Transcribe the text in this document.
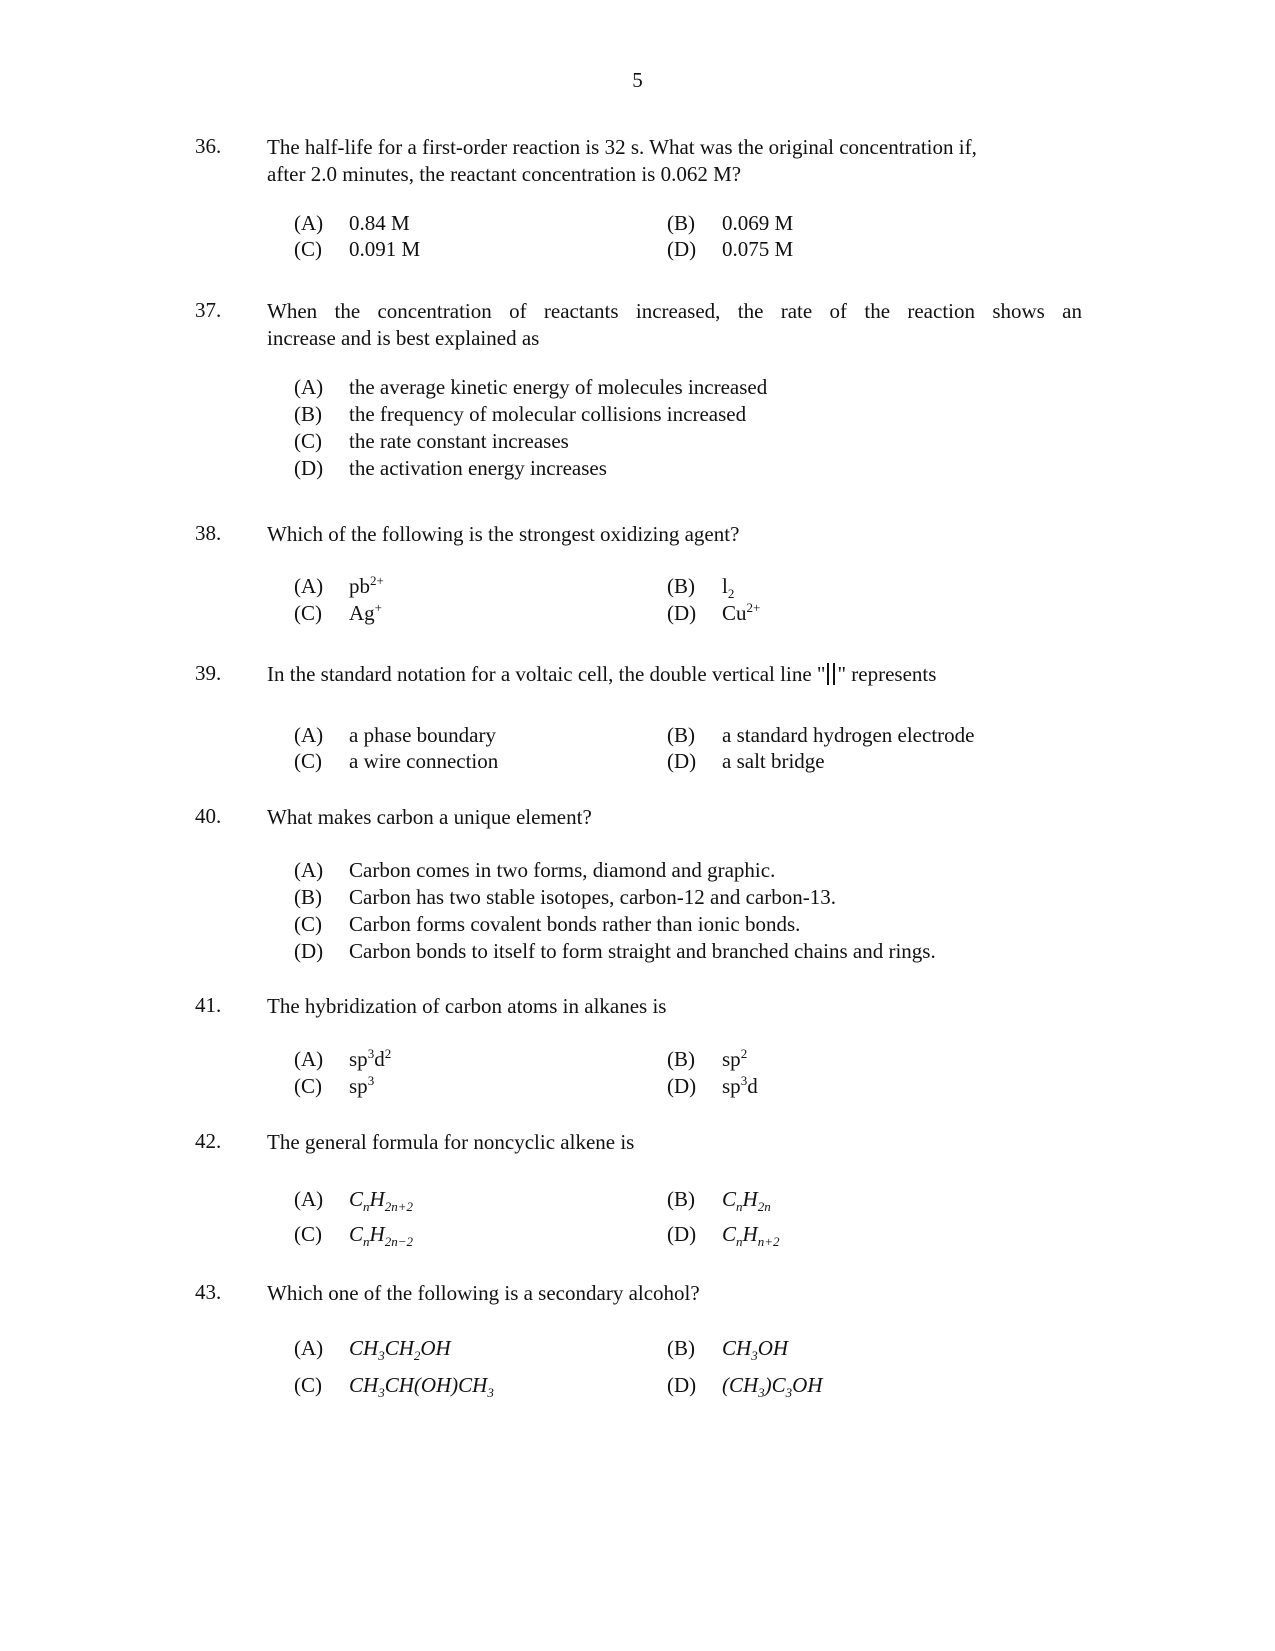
5
36. The half-life for a first-order reaction is 32 s. What was the original concentration if,
after 2.0 minutes, the reactant concentration is 0.062 M?
(A) 0.84 M	(B) 0.069 M
(C) 0.091 M	(D) 0.075 M
37. When the concentration of reactants increased, the rate of the reaction shows an
increase and is best explained as
(A) the average kinetic energy of molecules increased
(B) the frequency of molecular collisions increased
(C) the rate constant increases
(D) the activation energy increases
38. Which of the following is the strongest oxidizing agent?
(A) $pb^{2+}$	(B) $l_2$
(C) Ag+	(D) $Cu^{2+}$
39. In the standard notation for a voltaic cell, the double vertical line " " represents
(A) a phase boundary	(B) a standard hydrogen electrode
(C) a wire connection	(D) a salt bridge
40. What makes carbon a unique element?
(A) Carbon comes in two forms, diamond and graphic.
(B) Carbon has two stable isotopes, carbon-12 and carbon-13.
(C) Carbon forms covalent bonds rather than ionic bonds.
(D) Carbon bonds to itself to form straight and branched chains and rings.
41. The hybridization of carbon atoms in alkanes is
(A) $sp^3d^2$	(B) $sp^2$
(C) $sp^3$	(D) $sp^3d$
42. The general formula for noncyclic alkene is
(A) $C_nH_{2n+2}$	(B) $C_nH_{2n}$
(C) $C_nH_{2n-2}$	(D) $C_nH_{n+2}$
43. Which one of the following is a secondary alcohol?
(A) $CH_3CH_2OH$	(B) $CH_3OH$
(C) $CH_3CH(OH)CH_3$	(D) $(CH_3)C_3OH$
